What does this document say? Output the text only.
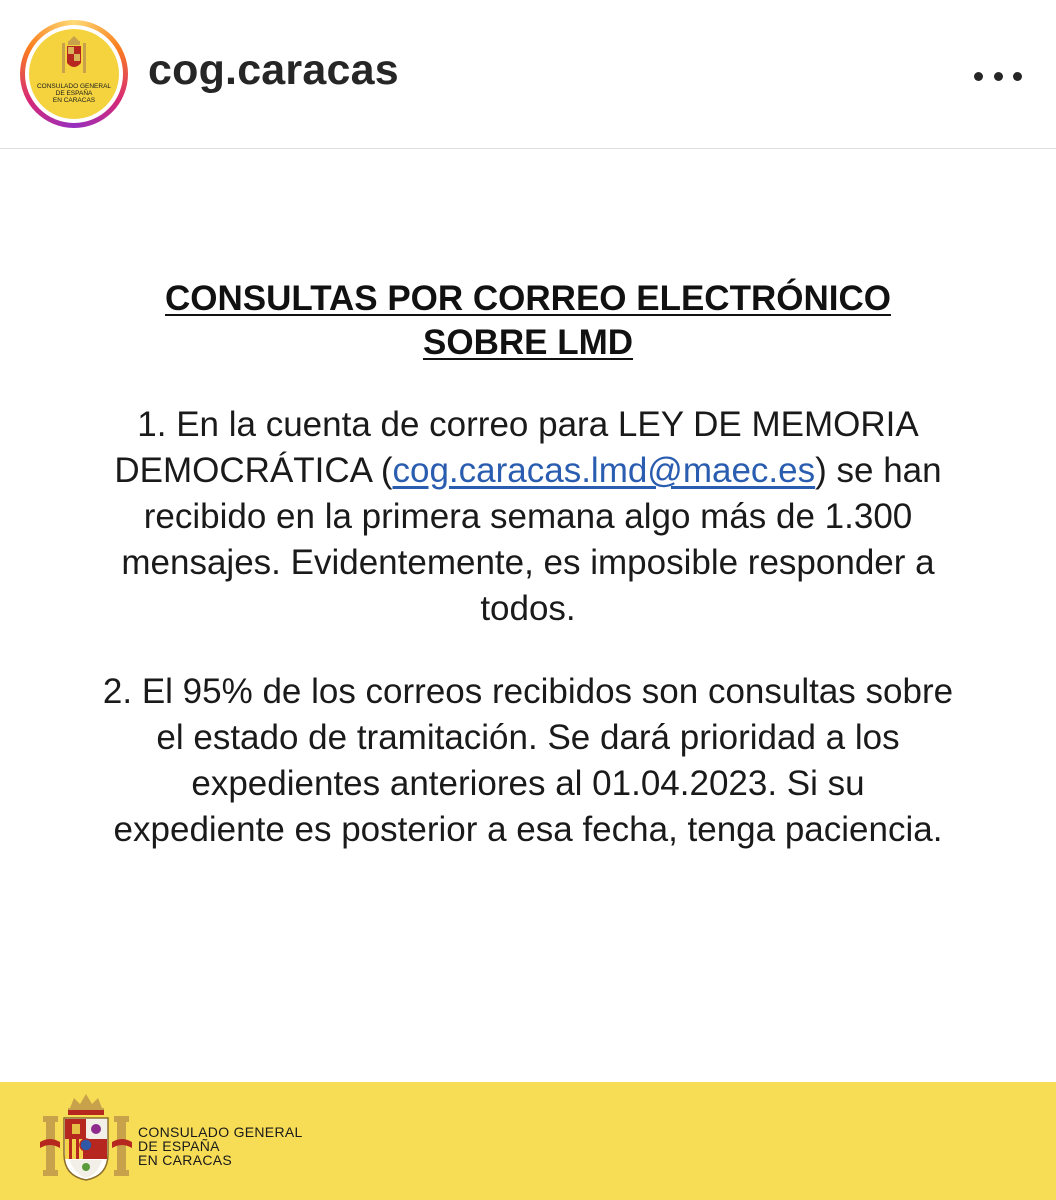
CONSULADO GENERAL
DE ESPAÑA
EN CARACAS
cog.caracas
CONSULTAS POR CORREO ELECTRÓNICO
SOBRE LMD
1. En la cuenta de correo para LEY DE MEMORIA
DEMOCRÁTICA (cog.caracas.lmd@maec.es) se han
recibido en la primera semana algo más de 1.300
mensajes. Evidentemente, es imposible responder a
todos.
2. El 95% de los correos recibidos son consultas sobre
el estado de tramitación. Se dará prioridad a los
expedientes anteriores al 01.04.2023. Si su
expediente es posterior a esa fecha, tenga paciencia.
CONSULADO GENERAL
DE ESPAÑA
EN CARACAS
